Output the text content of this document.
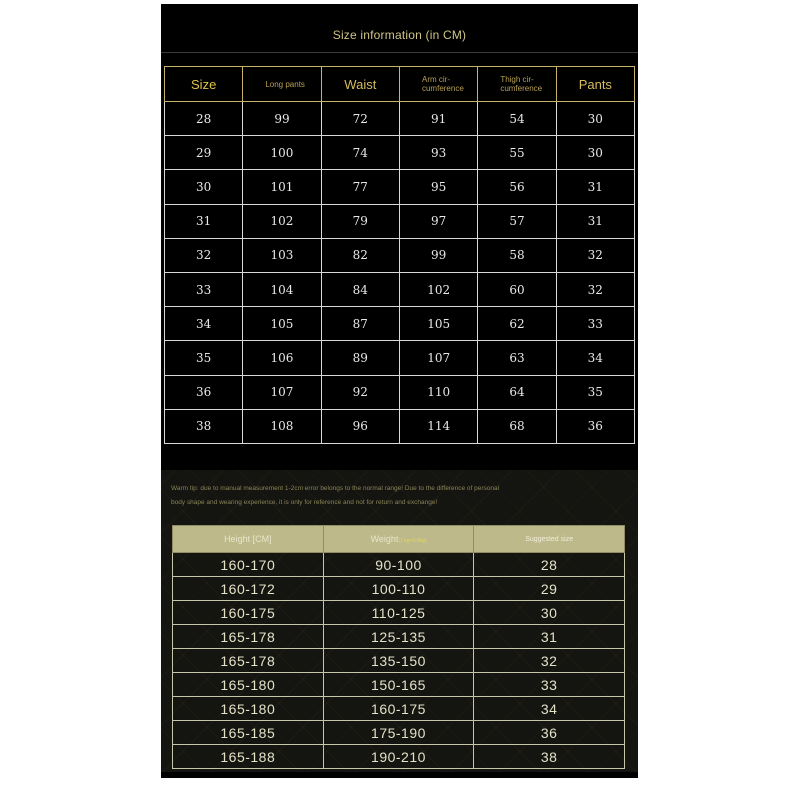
Size information (in CM)
Size	Long pants	Waist	Arm cir-cumference	Thigh cir-cumference	Pants
28	99	72	91	54	30
29	100	74	93	55	30
30	101	77	95	56	31
31	102	79	97	57	31
32	103	82	99	58	32
33	104	84	102	60	32
34	105	87	105	62	33
35	106	89	107	63	34
36	107	92	110	64	35
38	108	96	114	68	36
Warm tip: due to manual measurement 1-2cm error belongs to the normal range! Due to the difference of personal body shape and wearing experience, it is only for reference and not for return and exchange!
Height [CM]	Weight(1 kg=0.5kg)	Suggested size
160-170	90-100	28
160-172	100-110	29
160-175	110-125	30
165-178	125-135	31
165-178	135-150	32
165-180	150-165	33
165-180	160-175	34
165-185	175-190	36
165-188	190-210	38
